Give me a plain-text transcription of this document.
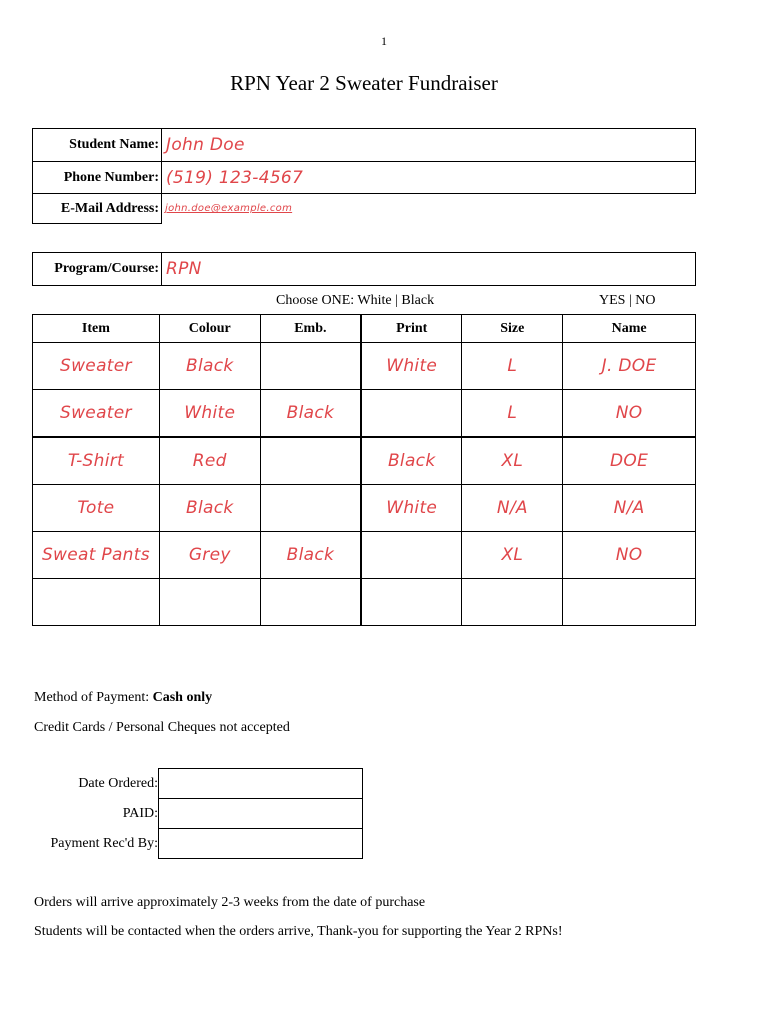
1
RPN Year 2 Sweater Fundraiser
Student Name:	John Doe
Phone Number:	(519) 123-4567
E-Mail Address:	john.doe@example.com
Program/Course:	RPN
Choose ONE: White | Black	YES | NO
Item	Colour	Emb.	Print	Size	Name
Sweater	Black		White	L	J. DOE
Sweater	White	Black		L	NO
T-Shirt	Red		Black	XL	DOE
Tote	Black		White	N/A	N/A
Sweat Pants	Grey	Black		XL	NO

Method of Payment: Cash only
Credit Cards / Personal Cheques not accepted
Date Ordered:	
PAID:	
Payment Rec'd By:	
Orders will arrive approximately 2-3 weeks from the date of purchase
Students will be contacted when the orders arrive, Thank-you for supporting the Year 2 RPNs!
